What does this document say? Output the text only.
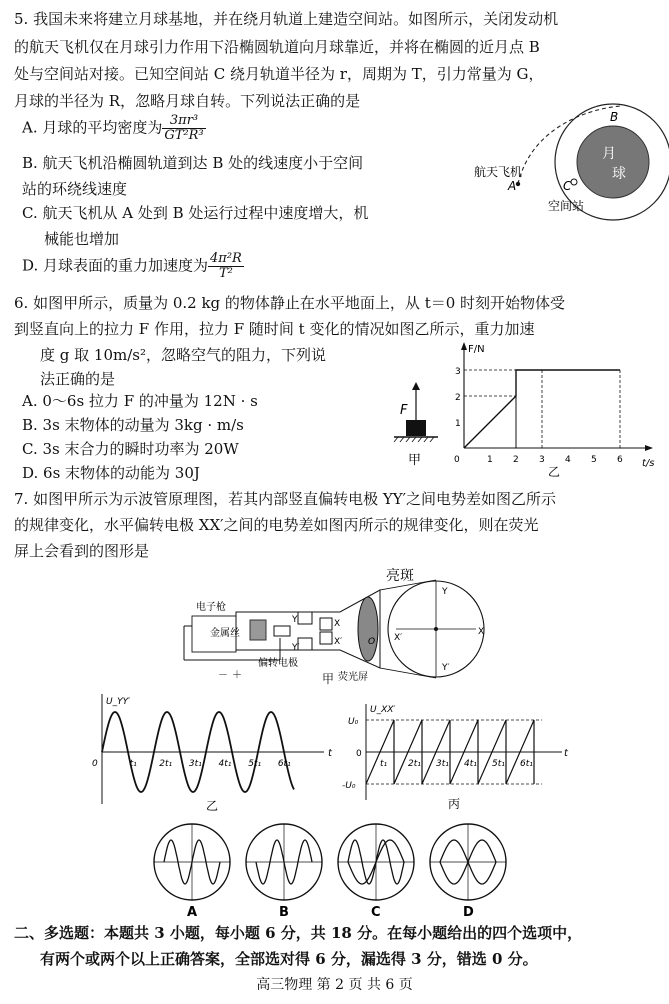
5. 我国未来将建立月球基地，并在绕月轨道上建造空间站。如图所示，关闭发动机
的航天飞机仅在月球引力作用下沿椭圆轨道向月球靠近，并将在椭圆的近月点 B
处与空间站对接。已知空间站 C 绕月轨道半径为 r，周期为 T，引力常量为 G，
月球的半径为 R，忽略月球自转。下列说法正确的是
A. 月球的平均密度为 $\frac{\text{3πr³}}{\text{GT²R³}}$
B. 航天飞机沿椭圆轨道到达 B 处的线速度小于空间
站的环绕线速度
C. 航天飞机从 A 处到 B 处运行过程中速度增大，机
械能也增加
D. 月球表面的重力加速度为 $\frac{\text{4π²R}}{\text{T²}}$
月
球
B
A	C
航天飞机
空间站
6. 如图甲所示，质量为 0.2 kg 的物体静止在水平地面上，从 t＝0 时刻开始物体受
到竖直向上的拉力 F 作用，拉力 F 随时间 t 变化的情况如图乙所示，重力加速
度 g 取 10m/s²，忽略空气的阻力，下列说
法正确的是
A. 0～6s 拉力 F 的冲量为 12N · s
B. 3s 末物体的动量为 3kg · m/s
C. 3s 末合力的瞬时功率为 20W
D. 6s 末物体的动能为 30J
F
甲
F/N
t/s
0	1 2 3 4 5 6
1
2
3
乙
7. 如图甲所示为示波管原理图，若其内部竖直偏转电极 YY′之间电势差如图乙所示
的规律变化，水平偏转电极 XX′之间的电势差如图丙所示的规律变化，则在荧光
屏上会看到的图形是
－ ＋
电子枪
金属丝
偏转电极
荧光屏
Y
Y′
X
X′
亮斑
Y
Y′
X
X′
O
甲
U_YY′
t
0	t₁ 2t₁ 3t₁ 4t₁ 5t₁ 6t₁
乙
U_XX′
t
U₀
-U₀
0
t₁ 2t₁ 3t₁ 4t₁ 5t₁ 6t₁
丙
A	B	C	D
二、多选题：本题共 3 小题，每小题 6 分，共 18 分。在每小题给出的四个选项中，
有两个或两个以上正确答案，全部选对得 6 分，漏选得 3 分，错选 0 分。
高三物理 第 2 页 共 6 页
